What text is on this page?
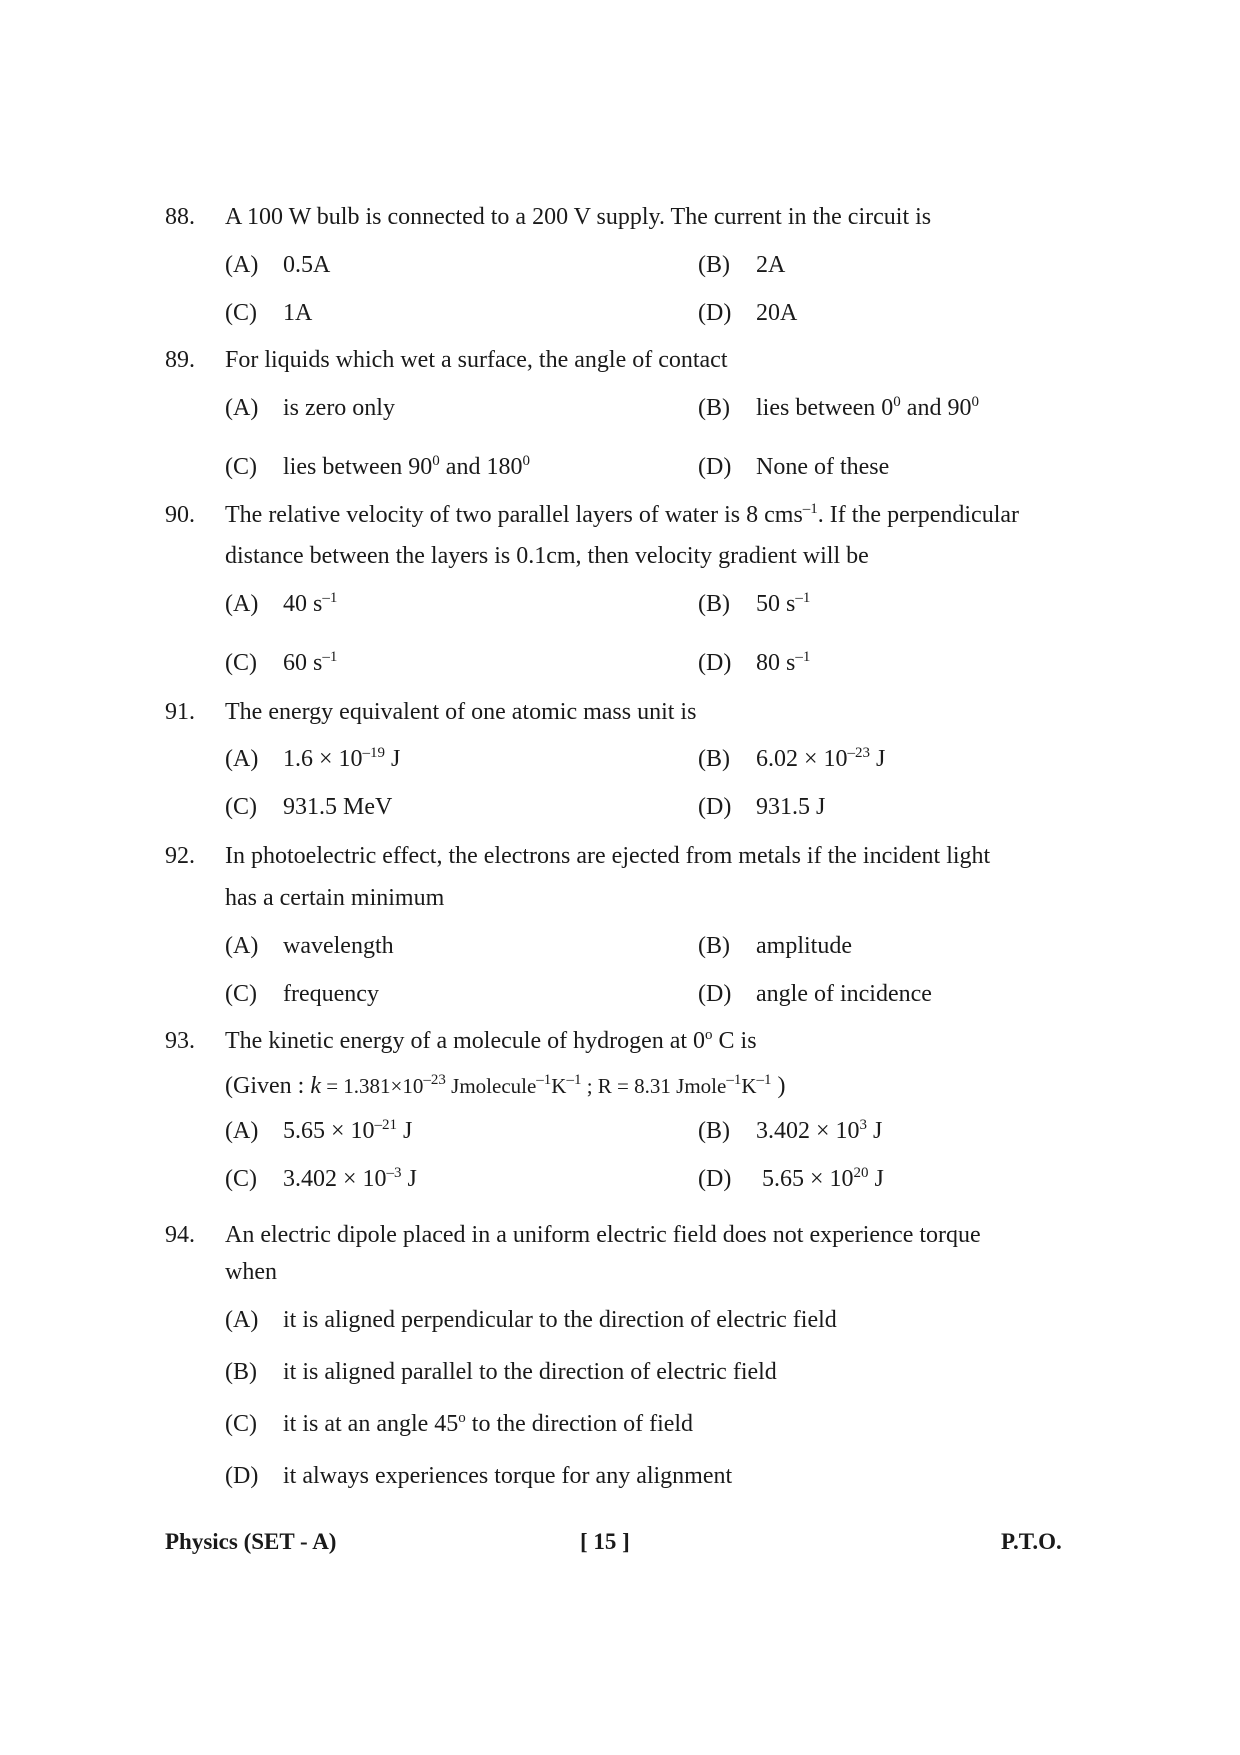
88. A 100 W bulb is connected to a 200 V supply. The current in the circuit is
(A) 0.5A	(B) 2A
(C) 1A	(D) 20A
89. For liquids which wet a surface, the angle of contact
(A) is zero only	(B) lies between $0^0$ and $90^0$
(C) lies between $90^0$ and $180^0$	(D) None of these
90. The relative velocity of two parallel layers of water is 8 cms$^{-1}$. If the perpendicular
distance between the layers is 0.1cm, then velocity gradient will be
(A) 40 $s^{-1}$	(B) 50 $s^{-1}$
(C) 60 $s^{-1}$	(D) 80 $s^{-1}$
91. The energy equivalent of one atomic mass unit is
(A) $1.6 \times 10^{-19}$ J	(B) $6.02 \times 10^{-23}$ J
(C) 931.5 MeV	(D) 931.5 J
92. In photoelectric effect, the electrons are ejected from metals if the incident light
has a certain minimum
(A) wavelength	(B) amplitude
(C) frequency	(D) angle of incidence
93. The kinetic energy of a molecule of hydrogen at 0$^o$ C is
(Given : $k = 1.381\times 10^{-23}$ $Jmolecule^{-1}K^{-1}$ ; R = 8.31 $Jmole^{-1}K^{-1}$ )
(A) $5.65 \times 10^{-21}$ J	(B) $3.402 \times 10^3$ J
(C) $3.402 \times 10^{-3}$ J	(D) $5.65 \times 10^{20}$ J
94. An electric dipole placed in a uniform electric field does not experience torque
when
(A) it is aligned perpendicular to the direction of electric field
(B) it is aligned parallel to the direction of electric field
(C) it is at an angle 45$^o$ to the direction of field
(D) it always experiences torque for any alignment
Physics (SET - A)	[ 15 ]	P.T.O.
